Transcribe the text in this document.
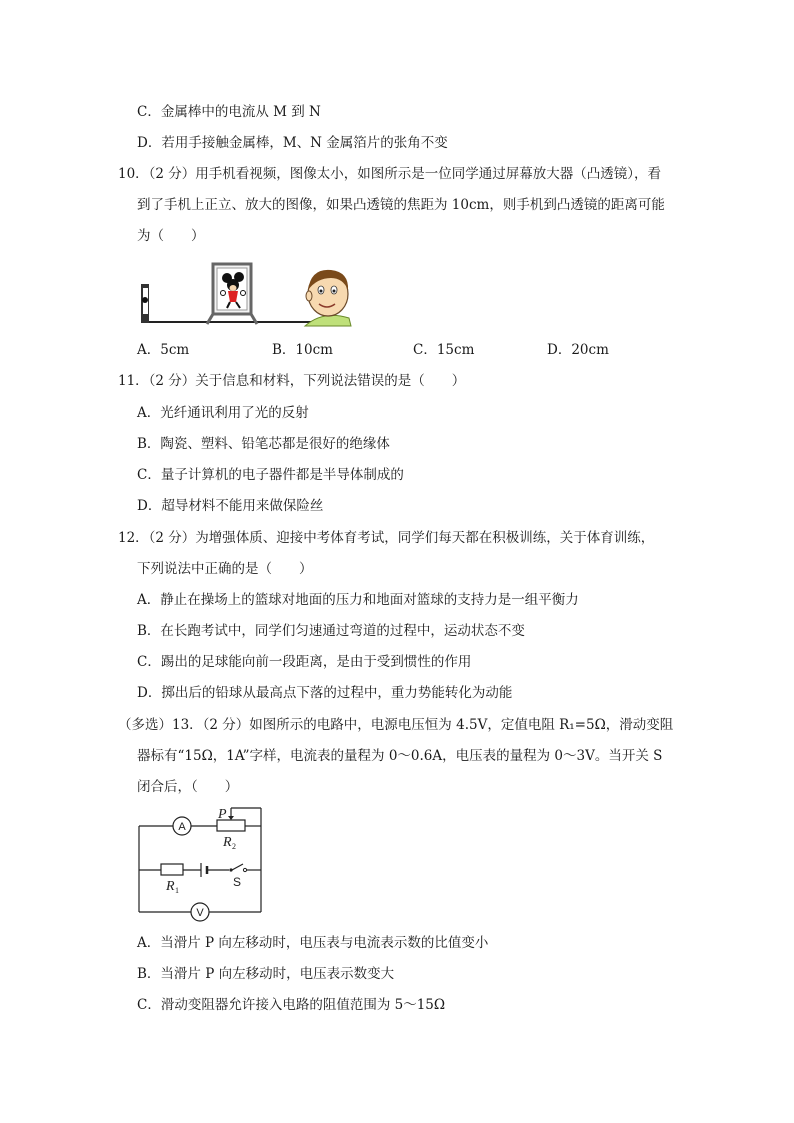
C．金属棒中的电流从 M 到 N
D．若用手接触金属棒，M、N 金属箔片的张角不变
10．（2 分）用手机看视频，图像太小，如图所示是一位同学通过屏幕放大器（凸透镜），看
到了手机上正立、放大的图像，如果凸透镜的焦距为 10cm，则手机到凸透镜的距离可能
为（　　）
A．5cm	B．10cm	C．15cm	D．20cm
11．（2 分）关于信息和材料，下列说法错误的是（　　）
A．光纤通讯利用了光的反射
B．陶瓷、塑料、铅笔芯都是很好的绝缘体
C．量子计算机的电子器件都是半导体制成的
D．超导材料不能用来做保险丝
12．（2 分）为增强体质、迎接中考体育考试，同学们每天都在积极训练，关于体育训练，
下列说法中正确的是（　　）
A．静止在操场上的篮球对地面的压力和地面对篮球的支持力是一组平衡力
B．在长跑考试中，同学们匀速通过弯道的过程中，运动状态不变
C．踢出的足球能向前一段距离，是由于受到惯性的作用
D．掷出后的铅球从最高点下落的过程中，重力势能转化为动能
（多选）13．（2 分）如图所示的电路中，电源电压恒为 4.5V，定值电阻 R₁=5Ω，滑动变阻
器标有“15Ω，1A”字样，电流表的量程为 0～0.6A，电压表的量程为 0～3V。当开关 S
闭合后，（　　）
A
V
P
R 2
R 1
S
A．当滑片 P 向左移动时，电压表与电流表示数的比值变小
B．当滑片 P 向左移动时，电压表示数变大
C．滑动变阻器允许接入电路的阻值范围为 5～15Ω
